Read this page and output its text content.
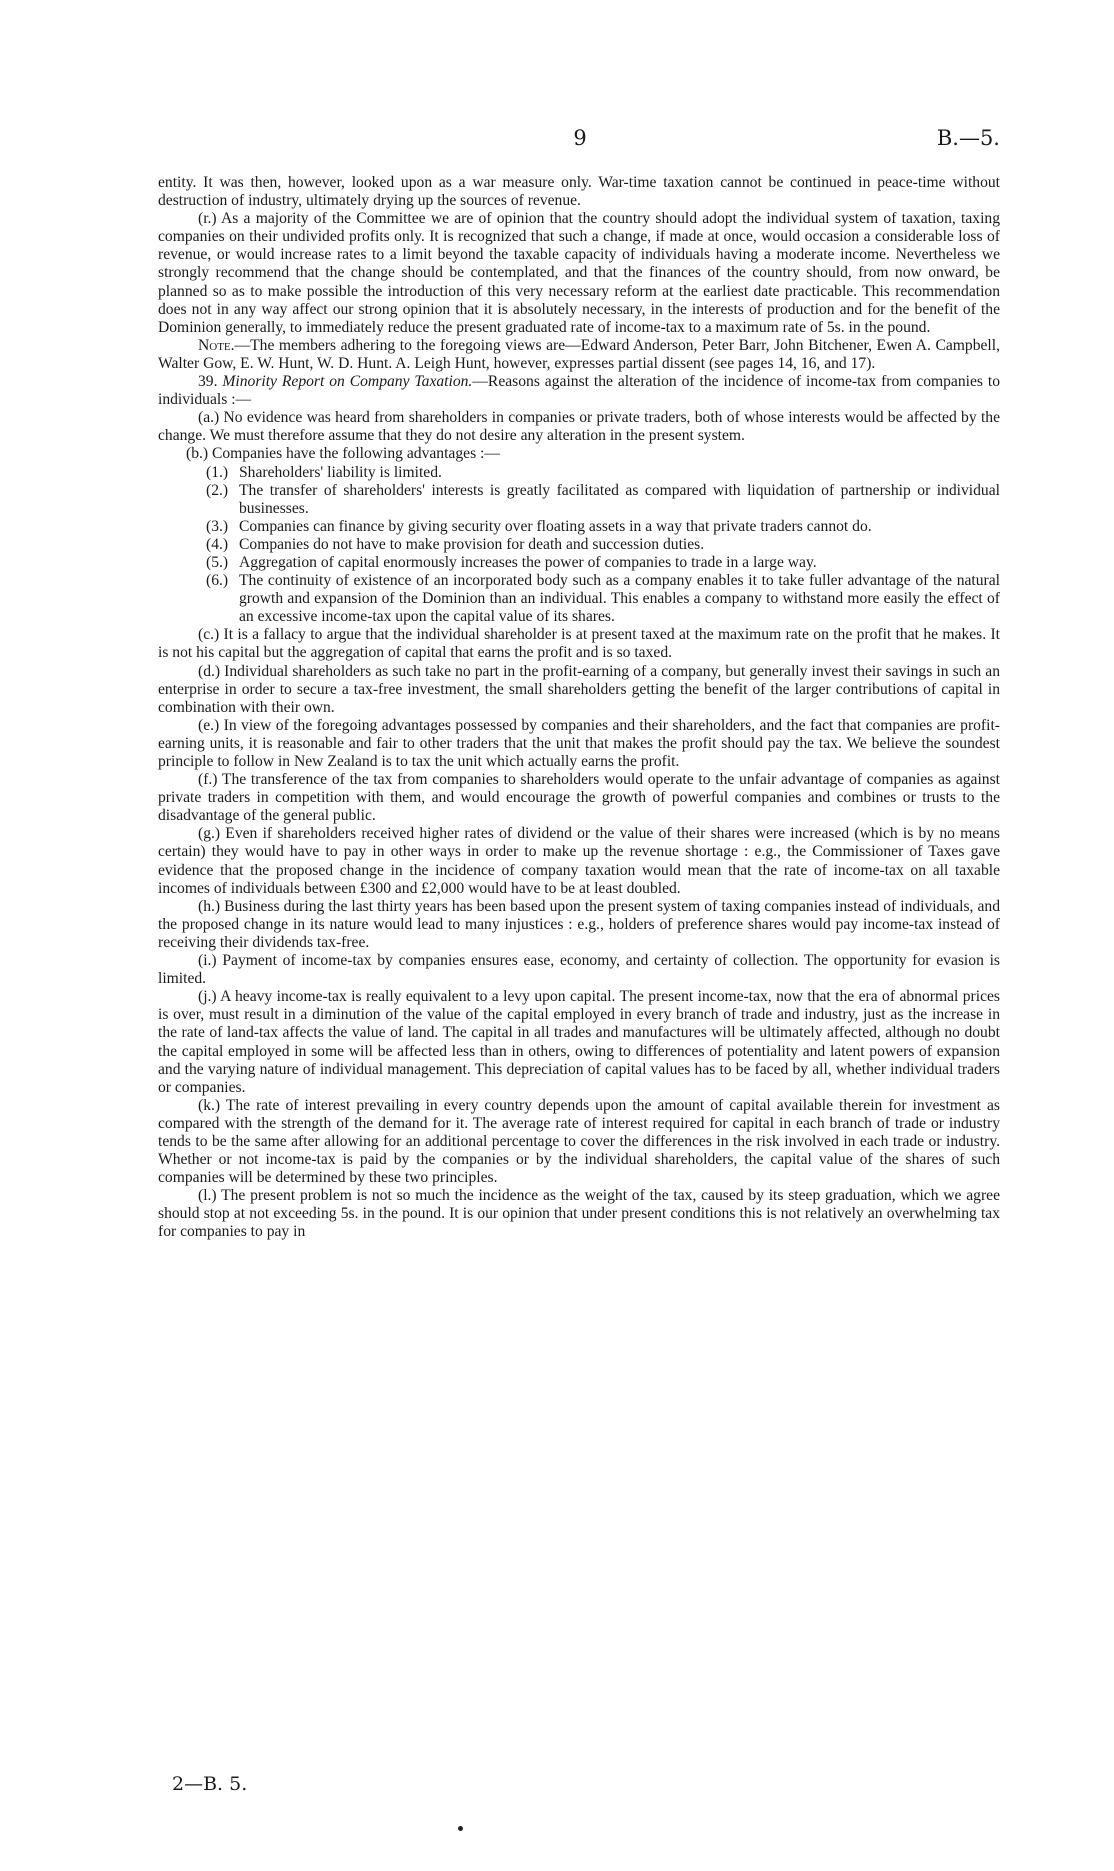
9	B.—5.

entity. It was then, however, looked upon as a war measure only. War-time taxation cannot be continued in peace-time without destruction of industry, ultimately drying up the sources of revenue.

(r.) As a majority of the Committee we are of opinion that the country should adopt the individual system of taxation, taxing companies on their undivided profits only. It is recognized that such a change, if made at once, would occasion a considerable loss of revenue, or would increase rates to a limit beyond the taxable capacity of individuals having a moderate income. Nevertheless we strongly recommend that the change should be contemplated, and that the finances of the country should, from now onward, be planned so as to make possible the introduction of this very necessary reform at the earliest date practicable. This recommendation does not in any way affect our strong opinion that it is absolutely necessary, in the interests of production and for the benefit of the Dominion generally, to immediately reduce the present graduated rate of income-tax to a maximum rate of 5s. in the pound.

Note.—The members adhering to the foregoing views are—Edward Anderson, Peter Barr, John Bitchener, Ewen A. Campbell, Walter Gow, E. W. Hunt, W. D. Hunt. A. Leigh Hunt, however, expresses partial dissent (see pages 14, 16, and 17).

39. Minority Report on Company Taxation.—Reasons against the alteration of the incidence of income-tax from companies to individuals :—

(a.) No evidence was heard from shareholders in companies or private traders, both of whose interests would be affected by the change. We must therefore assume that they do not desire any alteration in the present system.

(b.) Companies have the following advantages :—

(1.) Shareholders' liability is limited.
(2.) The transfer of shareholders' interests is greatly facilitated as compared with liquidation of partnership or individual businesses.
(3.) Companies can finance by giving security over floating assets in a way that private traders cannot do.
(4.) Companies do not have to make provision for death and succession duties.
(5.) Aggregation of capital enormously increases the power of companies to trade in a large way.
(6.) The continuity of existence of an incorporated body such as a company enables it to take fuller advantage of the natural growth and expansion of the Dominion than an individual. This enables a company to withstand more easily the effect of an excessive income-tax upon the capital value of its shares.

(c.) It is a fallacy to argue that the individual shareholder is at present taxed at the maximum rate on the profit that he makes. It is not his capital but the aggregation of capital that earns the profit and is so taxed.

(d.) Individual shareholders as such take no part in the profit-earning of a company, but generally invest their savings in such an enterprise in order to secure a tax-free investment, the small shareholders getting the benefit of the larger contributions of capital in combination with their own.

(e.) In view of the foregoing advantages possessed by companies and their shareholders, and the fact that companies are profit-earning units, it is reasonable and fair to other traders that the unit that makes the profit should pay the tax. We believe the soundest principle to follow in New Zealand is to tax the unit which actually earns the profit.

(f.) The transference of the tax from companies to shareholders would operate to the unfair advantage of companies as against private traders in competition with them, and would encourage the growth of powerful companies and combines or trusts to the disadvantage of the general public.

(g.) Even if shareholders received higher rates of dividend or the value of their shares were increased (which is by no means certain) they would have to pay in other ways in order to make up the revenue shortage : e.g., the Commissioner of Taxes gave evidence that the proposed change in the incidence of company taxation would mean that the rate of income-tax on all taxable incomes of individuals between £300 and £2,000 would have to be at least doubled.

(h.) Business during the last thirty years has been based upon the present system of taxing companies instead of individuals, and the proposed change in its nature would lead to many injustices : e.g., holders of preference shares would pay income-tax instead of receiving their dividends tax-free.

(i.) Payment of income-tax by companies ensures ease, economy, and certainty of collection. The opportunity for evasion is limited.

(j.) A heavy income-tax is really equivalent to a levy upon capital. The present income-tax, now that the era of abnormal prices is over, must result in a diminution of the value of the capital employed in every branch of trade and industry, just as the increase in the rate of land-tax affects the value of land. The capital in all trades and manufactures will be ultimately affected, although no doubt the capital employed in some will be affected less than in others, owing to differences of potentiality and latent powers of expansion and the varying nature of individual management. This depreciation of capital values has to be faced by all, whether individual traders or companies.

(k.) The rate of interest prevailing in every country depends upon the amount of capital available therein for investment as compared with the strength of the demand for it. The average rate of interest required for capital in each branch of trade or industry tends to be the same after allowing for an additional percentage to cover the differences in the risk involved in each trade or industry. Whether or not income-tax is paid by the companies or by the individual shareholders, the capital value of the shares of such companies will be determined by these two principles.

(l.) The present problem is not so much the incidence as the weight of the tax, caused by its steep graduation, which we agree should stop at not exceeding 5s. in the pound. It is our opinion that under present conditions this is not relatively an overwhelming tax for companies to pay in

2—B. 5.
